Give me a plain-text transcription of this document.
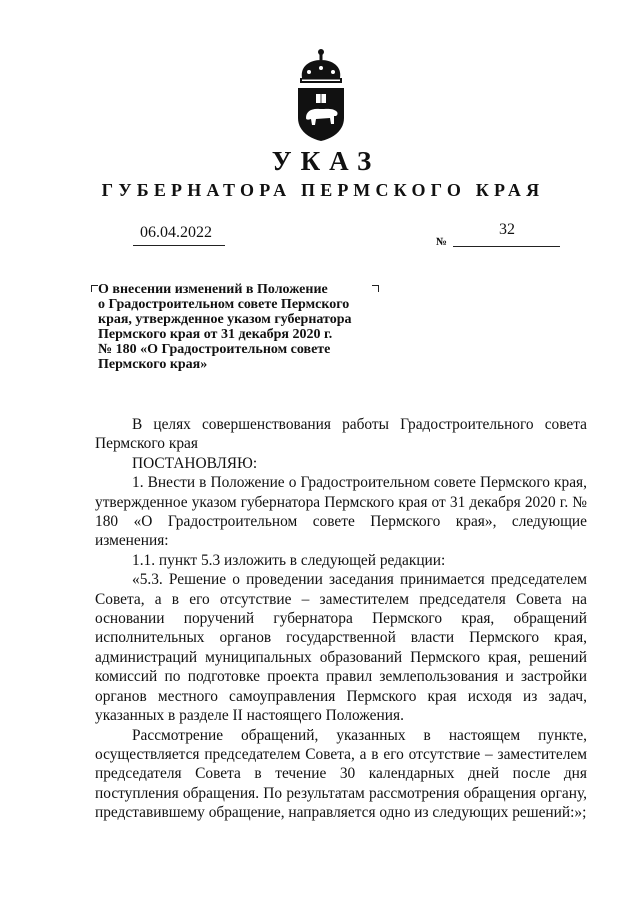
УКАЗ
ГУБЕРНАТОРА ПЕРМСКОГО КРАЯ
06.04.2022
№
32
О внесении изменений в Положение
о Градостроительном совете Пермского
края, утвержденное указом губернатора
Пермского края от 31 декабря 2020 г.
№ 180 «О Градостроительном совете
Пермского края»

В целях совершенствования работы Градостроительного совета Пермского края

ПОСТАНОВЛЯЮ:

1. Внести в Положение о Градостроительном совете Пермского края, утвержденное указом губернатора Пермского края от 31 декабря 2020 г. № 180 «О Градостроительном совете Пермского края», следующие изменения:

1.1. пункт 5.3 изложить в следующей редакции:

«5.3. Решение о проведении заседания принимается председателем Совета, а в его отсутствие – заместителем председателя Совета на основании поручений губернатора Пермского края, обращений исполнительных органов государственной власти Пермского края, администраций муниципальных образований Пермского края, решений комиссий по подготовке проекта правил землепользования и застройки органов местного самоуправления Пермского края исходя из задач, указанных в разделе II настоящего Положения.

Рассмотрение обращений, указанных в настоящем пункте, осуществляется председателем Совета, а в его отсутствие – заместителем председателя Совета в течение 30 календарных дней после дня поступления обращения. По результатам рассмотрения обращения органу, представившему обращение, направляется одно из следующих решений:»;
